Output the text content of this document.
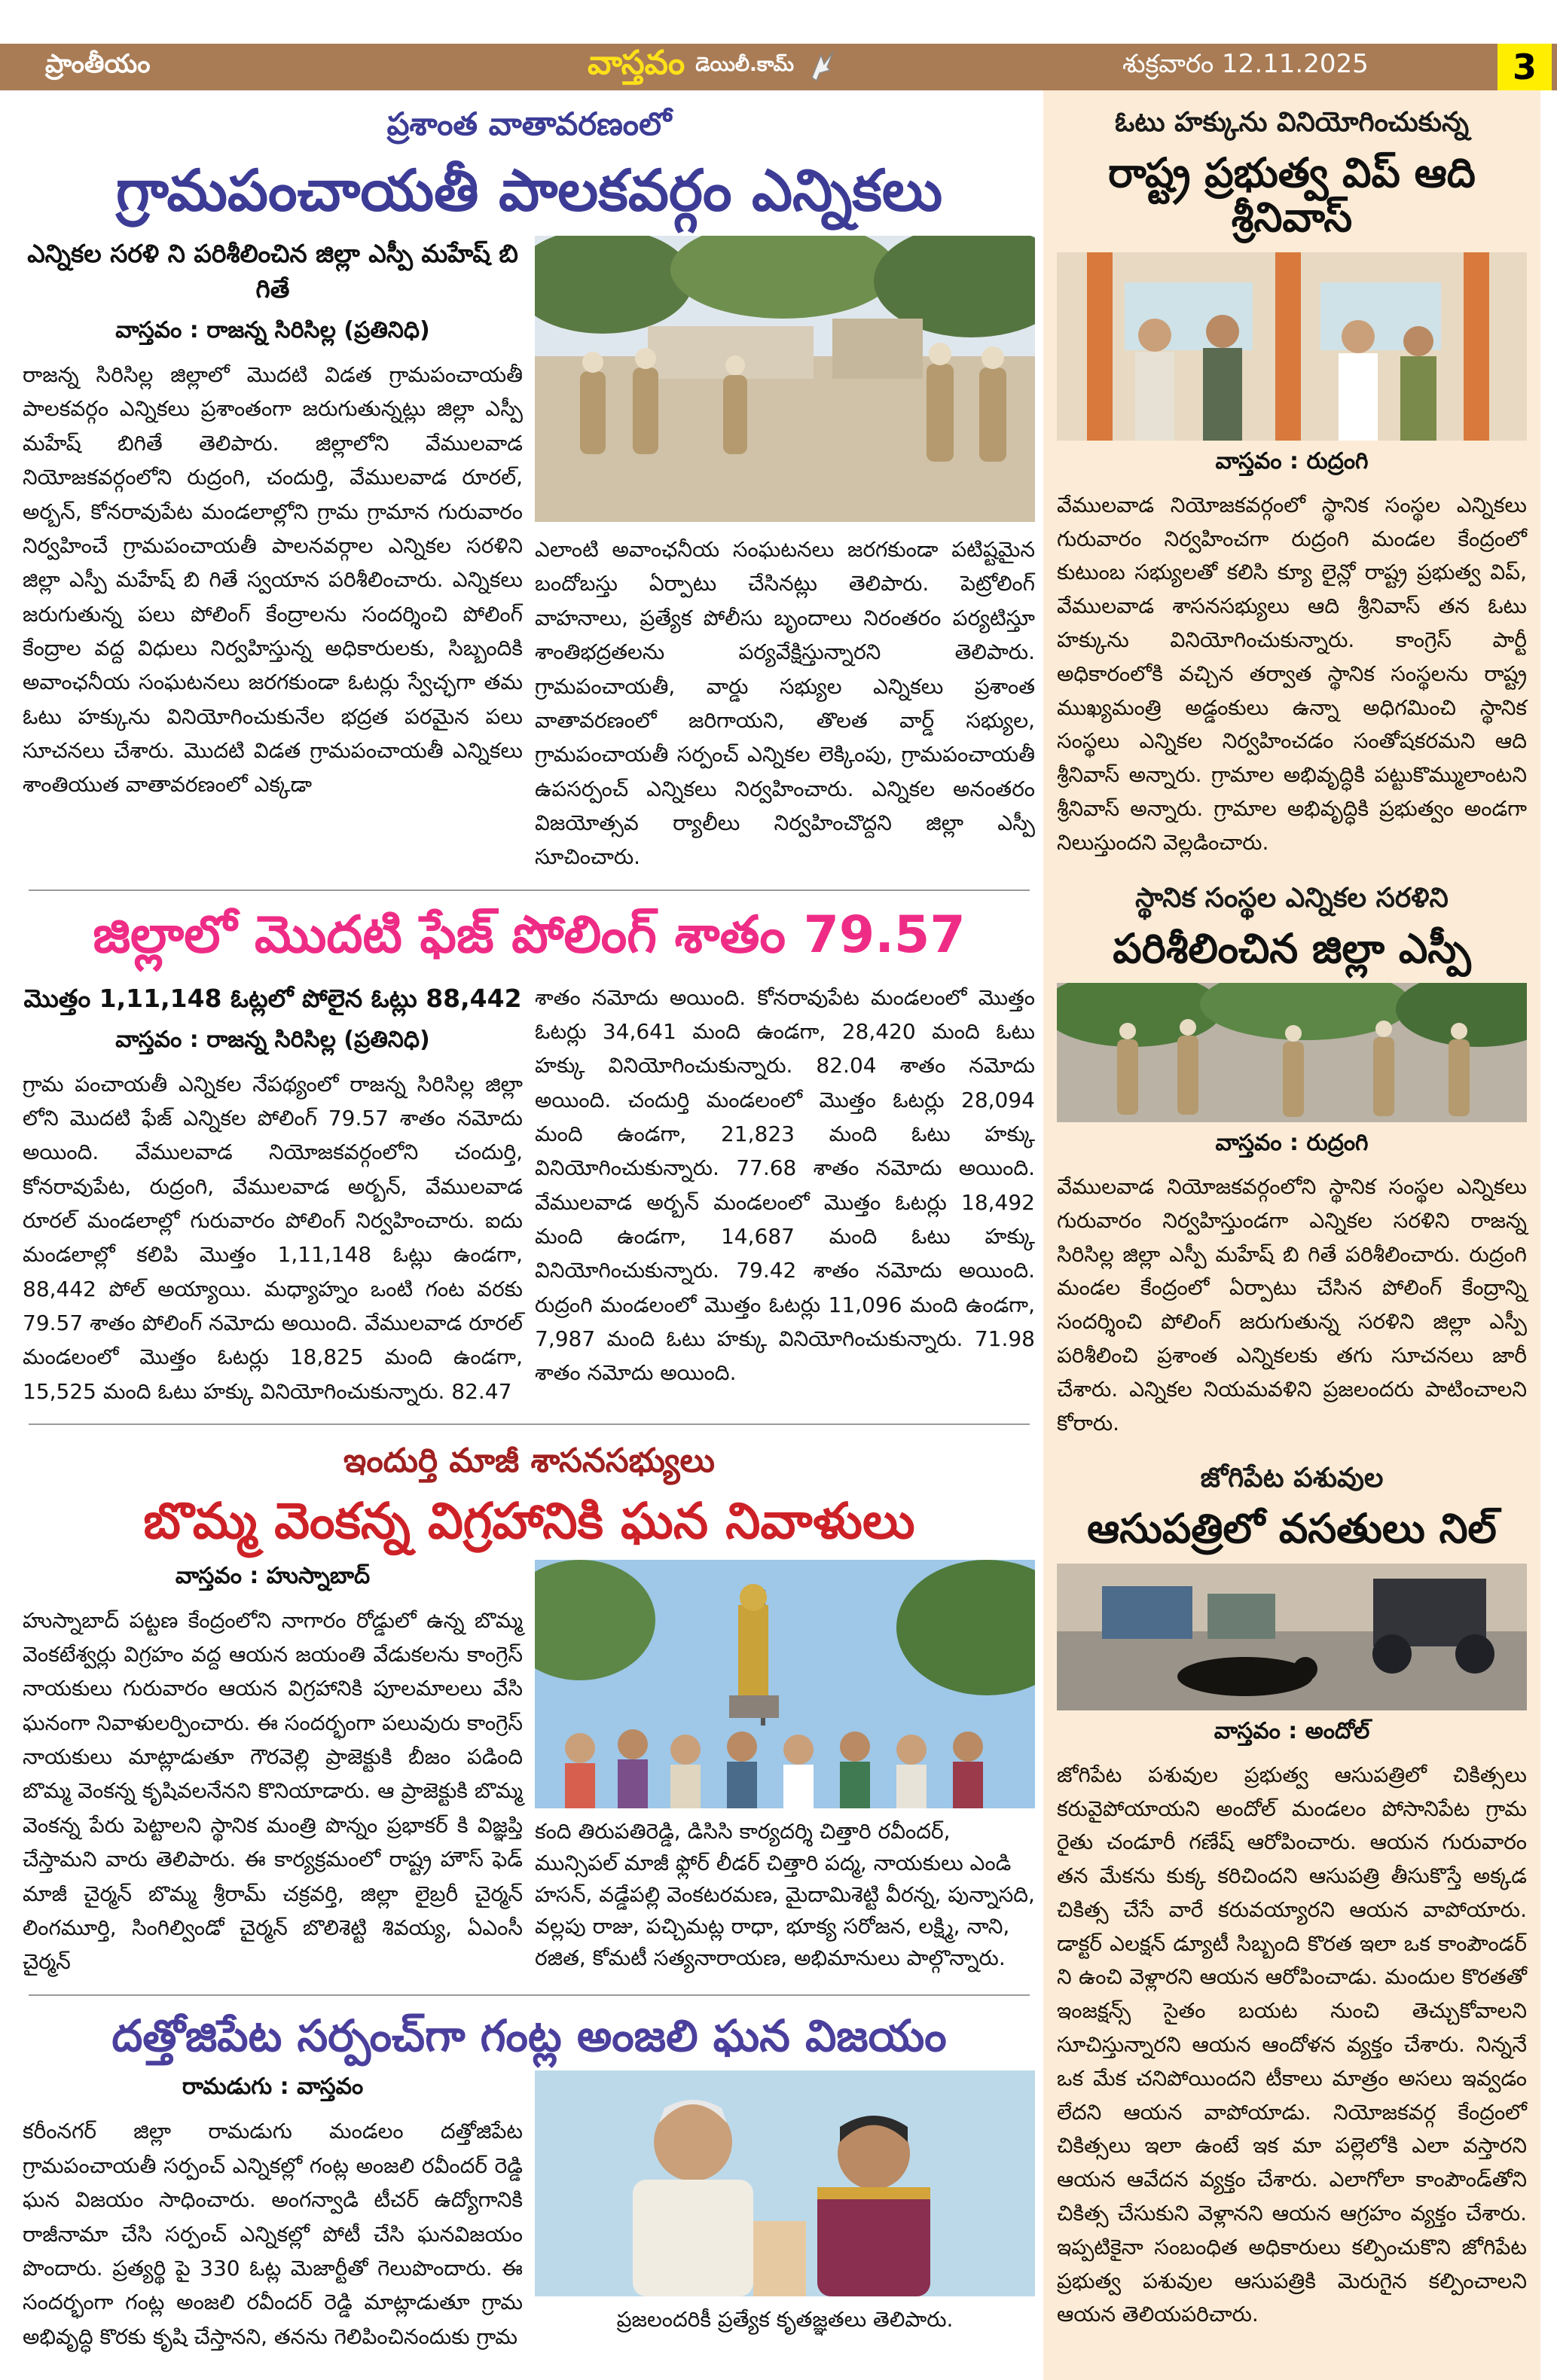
ప్రాంతీయం	వాస్తవం డెయిలీ.కామ్	శుక్రవారం 12.11.2025	3
ప్రశాంత వాతావరణంలో
గ్రామపంచాయతీ పాలకవర్గం ఎన్నికలు
ఎన్నికల సరళి ని పరిశీలించిన జిల్లా ఎస్పీ మహేష్ బి గితే
వాస్తవం : రాజన్న సిరిసిల్ల (ప్రతినిధి)
రాజన్న సిరిసిల్ల జిల్లాలో మొదటి విడత గ్రామపంచాయతీ పాలకవర్గం ఎన్నికలు ప్రశాంతంగా జరుగుతున్నట్లు జిల్లా ఎస్పీ మహేష్ బిగితే తెలిపారు. జిల్లాలోని వేములవాడ నియోజకవర్గంలోని రుద్రంగి, చందుర్తి, వేములవాడ రూరల్, అర్బన్, కోనరావుపేట మండలాల్లోని గ్రామ గ్రామాన గురువారం నిర్వహించే గ్రామపంచాయతీ పాలనవర్గాల ఎన్నికల సరళిని జిల్లా ఎస్పీ మహేష్ బి గితే స్వయాన పరిశీలించారు. ఎన్నికలు జరుగుతున్న పలు పోలింగ్ కేంద్రాలను సందర్శించి పోలింగ్ కేంద్రాల వద్ద విధులు నిర్వహిస్తున్న అధికారులకు, సిబ్బందికి అవాంఛనీయ సంఘటనలు జరగకుండా ఓటర్లు స్వేచ్ఛగా తమ ఓటు హక్కును వినియోగించుకునేల భద్రత పరమైన పలు సూచనలు చేశారు. మొదటి విడత గ్రామపంచాయతీ ఎన్నికలు శాంతియుత వాతావరణంలో ఎక్కడా
ఎలాంటి అవాంఛనీయ సంఘటనలు జరగకుండా పటిష్టమైన బందోబస్తు ఏర్పాటు చేసినట్లు తెలిపారు. పెట్రోలింగ్ వాహనాలు, ప్రత్యేక పోలీసు బృందాలు నిరంతరం పర్యటిస్తూ శాంతిభద్రతలను పర్యవేక్షిస్తున్నారని తెలిపారు. గ్రామపంచాయతీ, వార్డు సభ్యుల ఎన్నికలు ప్రశాంత వాతావరణంలో జరిగాయని, తొలత వార్డ్ సభ్యుల, గ్రామపంచాయతీ సర్పంచ్ ఎన్నికల లెక్కింపు, గ్రామపంచాయతీ ఉపసర్పంచ్ ఎన్నికలు నిర్వహించారు. ఎన్నికల అనంతరం విజయోత్సవ ర్యాలీలు నిర్వహించొద్దని జిల్లా ఎస్పీ సూచించారు.
జిల్లాలో మొదటి ఫేజ్ పోలింగ్ శాతం 79.57
మొత్తం 1,11,148 ఓట్లలో పోలైన ఓట్లు 88,442
వాస్తవం : రాజన్న సిరిసిల్ల (ప్రతినిధి)
గ్రామ పంచాయతీ ఎన్నికల నేపథ్యంలో రాజన్న సిరిసిల్ల జిల్లా లోని మొదటి ఫేజ్ ఎన్నికల పోలింగ్ 79.57 శాతం నమోదు అయింది. వేములవాడ నియోజకవర్గంలోని చందుర్తి, కోనరావుపేట, రుద్రంగి, వేములవాడ అర్బన్, వేములవాడ రూరల్ మండలాల్లో గురువారం పోలింగ్ నిర్వహించారు. ఐదు మండలాల్లో కలిపి మొత్తం 1,11,148 ఓట్లు ఉండగా, 88,442 పోల్ అయ్యాయి. మధ్యాహ్నం ఒంటి గంట వరకు 79.57 శాతం పోలింగ్ నమోదు అయింది. వేములవాడ రూరల్ మండలంలో మొత్తం ఓటర్లు 18,825 మంది ఉండగా, 15,525 మంది ఓటు హక్కు వినియోగించుకున్నారు. 82.47
శాతం నమోదు అయింది. కోనరావుపేట మండలంలో మొత్తం ఓటర్లు 34,641 మంది ఉండగా, 28,420 మంది ఓటు హక్కు వినియోగించుకున్నారు. 82.04 శాతం నమోదు అయింది. చందుర్తి మండలంలో మొత్తం ఓటర్లు 28,094 మంది ఉండగా, 21,823 మంది ఓటు హక్కు వినియోగించుకున్నారు. 77.68 శాతం నమోదు అయింది. వేములవాడ అర్బన్ మండలంలో మొత్తం ఓటర్లు 18,492 మంది ఉండగా, 14,687 మంది ఓటు హక్కు వినియోగించుకున్నారు. 79.42 శాతం నమోదు అయింది. రుద్రంగి మండలంలో మొత్తం ఓటర్లు 11,096 మంది ఉండగా, 7,987 మంది ఓటు హక్కు వినియోగించుకున్నారు. 71.98 శాతం నమోదు అయింది.
ఇందుర్తి మాజీ శాసనసభ్యులు
బొమ్మ వెంకన్న విగ్రహానికి ఘన నివాళులు
వాస్తవం : హుస్నాబాద్
హుస్నాబాద్ పట్టణ కేంద్రంలోని నాగారం రోడ్డులో ఉన్న బొమ్మ వెంకటేశ్వర్లు విగ్రహం వద్ద ఆయన జయంతి వేడుకలను కాంగ్రెస్ నాయకులు గురువారం ఆయన విగ్రహానికి పూలమాలలు వేసి ఘనంగా నివాళులర్పించారు. ఈ సందర్భంగా పలువురు కాంగ్రెస్ నాయకులు మాట్లాడుతూ గౌరవెల్లి ప్రాజెక్టుకి బీజం పడింది బొమ్మ వెంకన్న కృషివలనేనని కొనియాడారు. ఆ ప్రాజెక్టుకి బొమ్మ వెంకన్న పేరు పెట్టాలని స్థానిక మంత్రి పొన్నం ప్రభాకర్ కి విజ్ఞప్తి చేస్తామని వారు తెలిపారు. ఈ కార్యక్రమంలో రాష్ట్ర హౌస్ ఫెడ్ మాజీ చైర్మన్ బొమ్మ శ్రీరామ్ చక్రవర్తి, జిల్లా లైబ్రరీ చైర్మన్ లింగమూర్తి, సింగిల్విండో చైర్మన్ బొలిశెట్టి శివయ్య, ఏఎంసీ చైర్మన్
కంది తిరుపతిరెడ్డి, డిసిసి కార్యదర్శి చిత్తారి రవీందర్, మున్సిపల్ మాజీ ఫ్లోర్ లీడర్ చిత్తారి పద్మ, నాయకులు ఎండి హసన్, వడ్డేపల్లి వెంకటరమణ, మైదామిశెట్టి వీరన్న, పున్నాసది, వల్లపు రాజు, పచ్చిమట్ల రాధా, భూక్య సరోజన, లక్ష్మి, నాని, రజిత, కోమటీ సత్యనారాయణ, అభిమానులు పాల్గొన్నారు.
దత్తోజిపేట సర్పంచ్‌గా గంట్ల అంజలి ఘన విజయం
రామడుగు : వాస్తవం
కరీంనగర్ జిల్లా రామడుగు మండలం దత్తోజిపేట గ్రామపంచాయతీ సర్పంచ్ ఎన్నికల్లో గంట్ల అంజలి రవీందర్ రెడ్డి ఘన విజయం సాధించారు. అంగన్వాడి టీచర్ ఉద్యోగానికి రాజీనామా చేసి సర్పంచ్ ఎన్నికల్లో పోటీ చేసి ఘనవిజయం పొందారు. ప్రత్యర్థి పై 330 ఓట్ల మెజార్టీతో గెలుపొందారు. ఈ సందర్భంగా గంట్ల అంజలి రవీందర్ రెడ్డి మాట్లాడుతూ గ్రామ అభివృద్ధి కొరకు కృషి చేస్తానని, తనను గెలిపించినందుకు గ్రామ
ప్రజలందరికీ ప్రత్యేక కృతజ్ఞతలు తెలిపారు.
ఓటు హక్కును వినియోగించుకున్న
రాష్ట్ర ప్రభుత్వ విప్ ఆది శ్రీనివాస్
వాస్తవం : రుద్రంగి
వేములవాడ నియోజకవర్గంలో స్థానిక సంస్థల ఎన్నికలు గురువారం నిర్వహించగా రుద్రంగి మండల కేంద్రంలో కుటుంబ సభ్యులతో కలిసి క్యూ లైన్లో రాష్ట్ర ప్రభుత్వ విప్, వేములవాడ శాసనసభ్యులు ఆది శ్రీనివాస్ తన ఓటు హక్కును వినియోగించుకున్నారు. కాంగ్రెస్ పార్టీ అధికారంలోకి వచ్చిన తర్వాత స్థానిక సంస్థలను రాష్ట్ర ముఖ్యమంత్రి అడ్డంకులు ఉన్నా అధిగమించి స్థానిక సంస్థలు ఎన్నికల నిర్వహించడం సంతోషకరమని ఆది శ్రీనివాస్ అన్నారు. గ్రామాల అభివృద్ధికి పట్టుకొమ్ములాంటని శ్రీనివాస్ అన్నారు. గ్రామాల అభివృద్ధికి ప్రభుత్వం అండగా నిలుస్తుందని వెల్లడించారు.
స్థానిక సంస్థల ఎన్నికల సరళిని
పరిశీలించిన జిల్లా ఎస్పీ
వాస్తవం : రుద్రంగి
వేములవాడ నియోజకవర్గంలోని స్థానిక సంస్థల ఎన్నికలు గురువారం నిర్వహిస్తుండగా ఎన్నికల సరళిని రాజన్న సిరిసిల్ల జిల్లా ఎస్పీ మహేష్ బి గితే పరిశీలించారు. రుద్రంగి మండల కేంద్రంలో ఏర్పాటు చేసిన పోలింగ్ కేంద్రాన్ని సందర్శించి పోలింగ్ జరుగుతున్న సరళిని జిల్లా ఎస్పీ పరిశీలించి ప్రశాంత ఎన్నికలకు తగు సూచనలు జారీ చేశారు. ఎన్నికల నియమవళిని ప్రజలందరు పాటించాలని కోరారు.
జోగిపేట పశువుల
ఆసుపత్రిలో వసతులు నిల్
వాస్తవం : అందోల్
జోగిపేట పశువుల ప్రభుత్వ ఆసుపత్రిలో చికిత్సలు కరువైపోయాయని అందోల్ మండలం పోసానిపేట గ్రామ రైతు చండూరీ గణేష్ ఆరోపించారు. ఆయన గురువారం తన మేకను కుక్క కరిచిందని ఆసుపత్రి తీసుకొస్తే అక్కడ చికిత్స చేసే వారే కరువయ్యారని ఆయన వాపోయారు. డాక్టర్ ఎలక్షన్ డ్యూటీ సిబ్బంది కొరత ఇలా ఒక కాంపౌండర్ ని ఉంచి వెళ్లారని ఆయన ఆరోపించాడు. మందుల కొరతతో ఇంజక్షన్స్ సైతం బయట నుంచి తెచ్చుకోవాలని సూచిస్తున్నారని ఆయన ఆందోళన వ్యక్తం చేశారు. నిన్ననే ఒక మేక చనిపోయిందని టీకాలు మాత్రం అసలు ఇవ్వడం లేదని ఆయన వాపోయాడు. నియోజకవర్గ కేంద్రంలో చికిత్సలు ఇలా ఉంటే ఇక మా పల్లెలోకి ఎలా వస్తారని ఆయన ఆవేదన వ్యక్తం చేశారు. ఎలాగోలా కాంపౌండ్‌తోని చికిత్స చేసుకుని వెళ్లానని ఆయన ఆగ్రహం వ్యక్తం చేశారు. ఇప్పటికైనా సంబంధిత అధికారులు కల్పించుకొని జోగిపేట ప్రభుత్వ పశువుల ఆసుపత్రికి మెరుగైన కల్పించాలని ఆయన తెలియపరిచారు.
